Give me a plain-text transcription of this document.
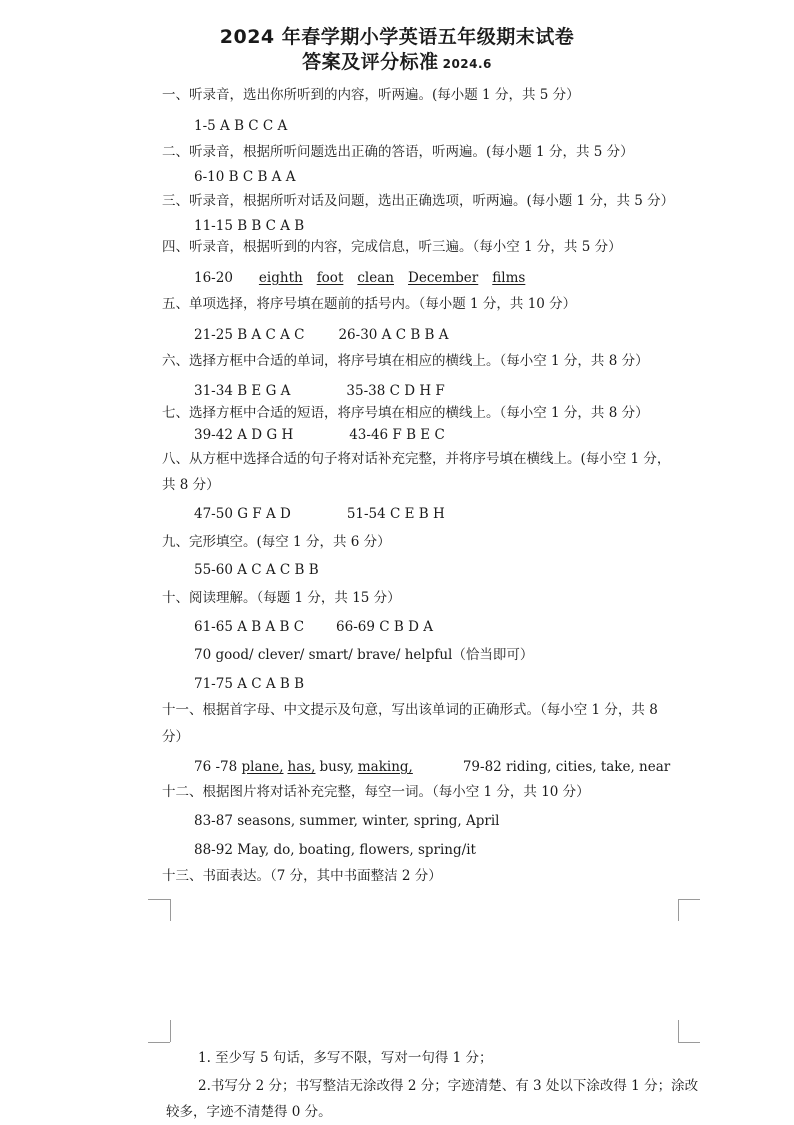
2024 年春学期小学英语五年级期末试卷
答案及评分标准 2024.6
一、听录音，选出你所听到的内容，听两遍。(每小题 1 分，共 5 分）
1-5 A B C C A
二、听录音，根据所听问题选出正确的答语，听两遍。(每小题 1 分，共 5 分）
6-10 B C B A A
三、听录音，根据所听对话及问题，选出正确选项，听两遍。(每小题 1 分，共 5 分）
11-15 B B C A B
四、听录音，根据听到的内容，完成信息，听三遍。（每小空 1 分，共 5 分）
16-20 eighth foot clean December films
五、单项选择，将序号填在题前的括号内。（每小题 1 分，共 10 分）
21-25 B A C A C	26-30 A C B B A
六、选择方框中合适的单词，将序号填在相应的横线上。（每小空 1 分，共 8 分）
31-34 B E G A	35-38 C D H F
七、选择方框中合适的短语，将序号填在相应的横线上。（每小空 1 分，共 8 分）
39-42 A D G H	43-46 F B E C
八、从方框中选择合适的句子将对话补充完整，并将序号填在横线上。(每小空 1 分，
共 8 分）
47-50 G F A D	51-54 C E B H
九、完形填空。(每空 1 分，共 6 分）
55-60 A C A C B B
十、阅读理解。（每题 1 分，共 15 分）
61-65 A B A B C 66-69 C B D A
70 good/ clever/ smart/ brave/ helpful（恰当即可）
71-75 A C A B B
十一、根据首字母、中文提示及句意，写出该单词的正确形式。（每小空 1 分，共 8
分）
76 -78 plane, has, busy, making,	79-82 riding, cities, take, near
十二、根据图片将对话补充完整，每空一词。（每小空 1 分，共 10 分）
83-87 seasons, summer, winter, spring, April
88-92 May, do, boating, flowers, spring/it
十三、书面表达。（7 分，其中书面整洁 2 分）
1. 至少写 5 句话，多写不限，写对一句得 1 分；
2.书写分 2 分；书写整洁无涂改得 2 分；字迹清楚、有 3 处以下涂改得 1 分；涂改
较多，字迹不清楚得 0 分。
